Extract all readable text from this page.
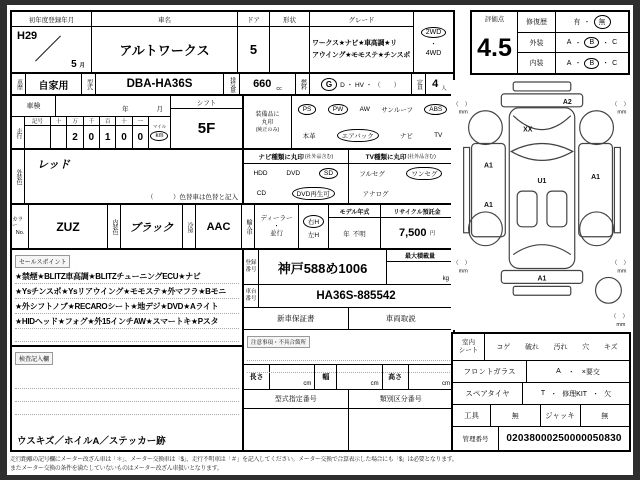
初年度登録年月
H29
／ 5 月
車名
アルトワークス
ドア
5
形状	グレード
ワークス★ナビ★車高調★リ
アウイング★モモステ★チンスポ
2WD
・
4WD
車歴	自家用	型式	DBA-HA36S	排気量 660 cc	燃料	G	D ・ HV ・ （　　）	定員 4 人
車検	年	月
走行
記号	十	万
2
千
0
百
1
十
0
一
0
マイル
km
シフト
5F
装備品に
丸印
(純正のみ)
PS	PW	AW サンルーフ	ABS
本革	エアバック	ナビ	TV
外装色
レッド
（　　　）色替車は色替と記入
ナビ種類に丸印 (社外品含む)
HDD	DVD	SD
CD	DVD再生可
TV種類に丸印 (社外品含む)
フルセグ	ワンセグ
アナログ
カラー
No.	ZUZ	内装色	ブラック	冷房	AAC	輸入車
ディーラー
・
並行
右H
左H
モデル年式
年 不明
リサイクル預託金
7,500 円
セールスポイント
★禁煙★BLITZ車高調★BLITZチューニングECU★ナビ
★Ysチンスポ★Ysリアウイング★モモステ★外マフラ★Bモニ
★外シフトノブ★RECAROシート★地デジ★DVD★Aライト
★HIDヘッド★フォグ★外15インチAW★スマートキ★Pスタ
検査記入欄
ウスキズ／ホイルA／ステッカー跡
登録
番号	神戸588め1006
最大積載量
kg
車台
番号	HA36S-885542
新車保証書	車両取説
注意事項・不具合箇所
長さ
cm
幅
cm
高さ
cm
型式指定番号	類別区分番号
評価点
4.5
修復歴	有 ・	無
外装	A ・	B	・ C
内装	A ・	B	・ C
A2
XX
U1
A1
A1
A1
A1
（　）
mm
（　）
mm
（　）
mm
（　）
mm
（　）
mm
室内
シート	コゲ 破れ 汚れ 穴 キズ
フロントガラス	A ・ ×要交
スペアタイヤ	T ・ 修理KIT ・ 欠
工具	無	ジャッキ	無
管理番号	02038000250000050830
走行距離の記号欄にメーター改ざん車は「＊」、メーター交換車は「$」、走行不明車は「＃」を記入してください。メーター交換で合算表示した場合にも「$」は必要となります。
またメーター交換の条件を満たしていないものはメーター改ざん車扱いとなります。
